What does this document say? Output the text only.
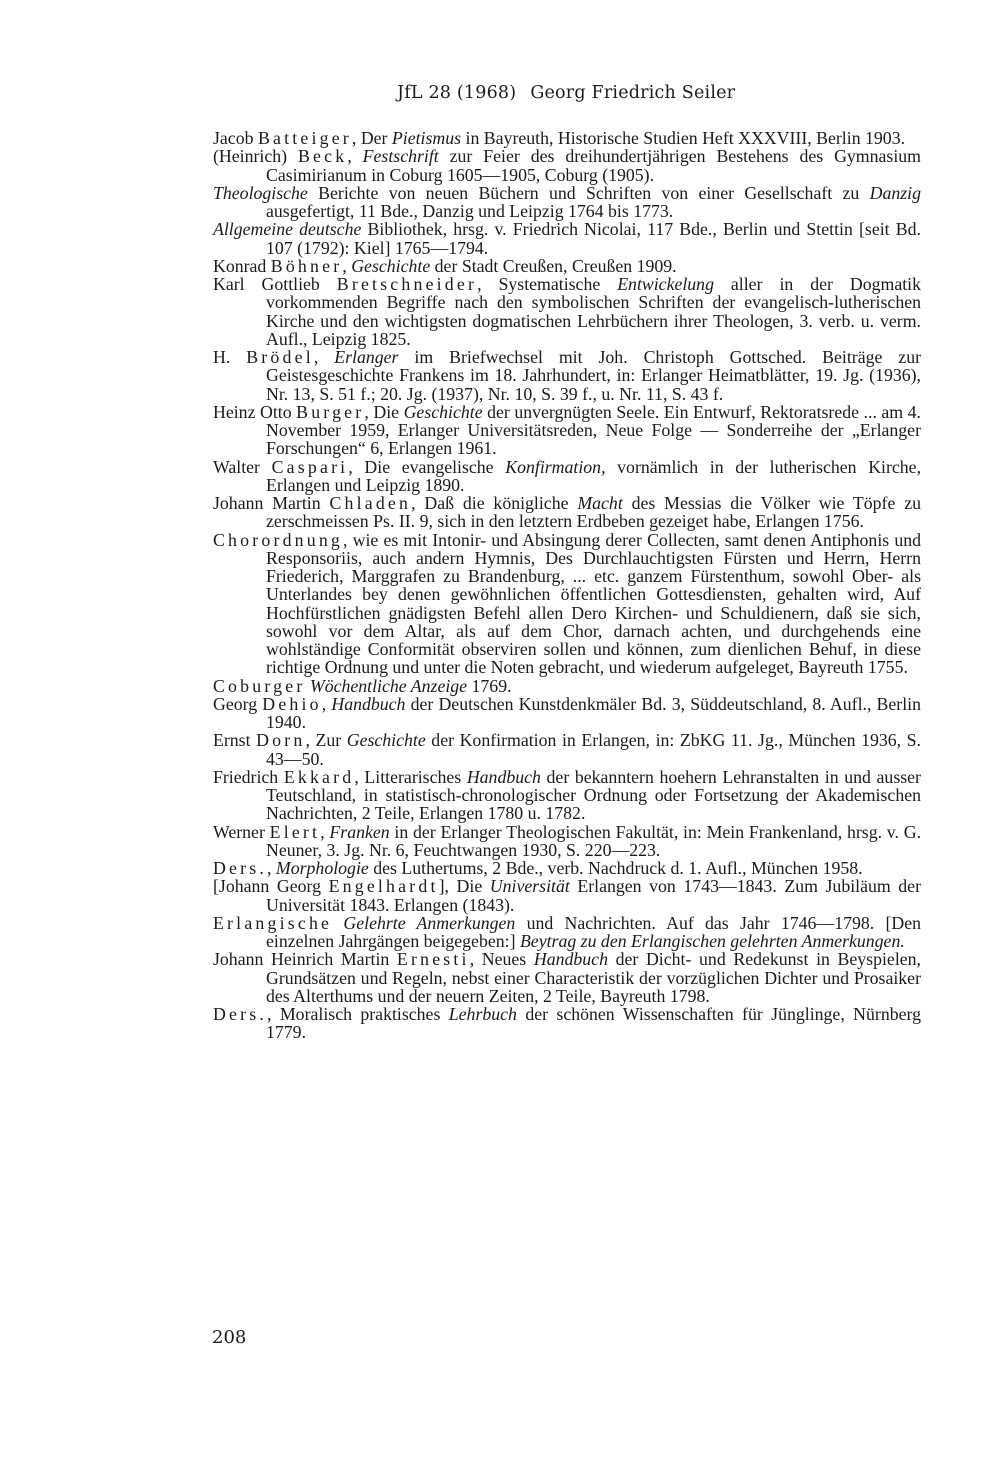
JfL 28 (1968) Georg Friedrich Seiler
Jacob Batteiger, Der Pietismus in Bayreuth, Historische Studien Heft XXXVIII, Berlin 1903.
(Heinrich) Beck, Festschrift zur Feier des dreihundertjährigen Bestehens des Gymnasium Casimirianum in Coburg 1605—1905, Coburg (1905).
Theologische Berichte von neuen Büchern und Schriften von einer Gesellschaft zu Danzig ausgefertigt, 11 Bde., Danzig und Leipzig 1764 bis 1773.
Allgemeine deutsche Bibliothek, hrsg. v. Friedrich Nicolai, 117 Bde., Berlin und Stettin [seit Bd. 107 (1792): Kiel] 1765—1794.
Konrad Böhner, Geschichte der Stadt Creußen, Creußen 1909.
Karl Gottlieb Bretschneider, Systematische Entwickelung aller in der Dogmatik vorkommenden Begriffe nach den symbolischen Schriften der evangelisch-lutherischen Kirche und den wichtigsten dogmatischen Lehrbüchern ihrer Theologen, 3. verb. u. verm. Aufl., Leipzig 1825.
H. Brödel, Erlanger im Briefwechsel mit Joh. Christoph Gottsched. Beiträge zur Geistesgeschichte Frankens im 18. Jahrhundert, in: Erlanger Heimatblätter, 19. Jg. (1936), Nr. 13, S. 51 f.; 20. Jg. (1937), Nr. 10, S. 39 f., u. Nr. 11, S. 43 f.
Heinz Otto Burger, Die Geschichte der unvergnügten Seele. Ein Entwurf, Rektoratsrede ... am 4. November 1959, Erlanger Universitätsreden, Neue Folge — Sonderreihe der „Erlanger Forschungen“ 6, Erlangen 1961.
Walter Caspari, Die evangelische Konfirmation, vornämlich in der lutherischen Kirche, Erlangen und Leipzig 1890.
Johann Martin Chladen, Daß die königliche Macht des Messias die Völker wie Töpfe zu zerschmeissen Ps. II. 9, sich in den letztern Erdbeben gezeiget habe, Erlangen 1756.
Chorordnung, wie es mit Intonir- und Absingung derer Collecten, samt denen Antiphonis und Responsoriis, auch andern Hymnis, Des Durchlauchtigsten Fürsten und Herrn, Herrn Friederich, Marggrafen zu Brandenburg, ... etc. ganzem Fürstenthum, sowohl Ober- als Unterlandes bey denen gewöhnlichen öffentlichen Gottesdiensten, gehalten wird, Auf Hochfürstlichen gnädigsten Befehl allen Dero Kirchen- und Schuldienern, daß sie sich, sowohl vor dem Altar, als auf dem Chor, darnach achten, und durchgehends eine wohlständige Conformität observiren sollen und können, zum dienlichen Behuf, in diese richtige Ordnung und unter die Noten gebracht, und wiederum aufgeleget, Bayreuth 1755.
Coburger Wöchentliche Anzeige 1769.
Georg Dehio, Handbuch der Deutschen Kunstdenkmäler Bd. 3, Süddeutschland, 8. Aufl., Berlin 1940.
Ernst Dorn, Zur Geschichte der Konfirmation in Erlangen, in: ZbKG 11. Jg., München 1936, S. 43—50.
Friedrich Ekkard, Litterarisches Handbuch der bekanntern hoehern Lehranstalten in und ausser Teutschland, in statistisch-chronologischer Ordnung oder Fortsetzung der Akademischen Nachrichten, 2 Teile, Erlangen 1780 u. 1782.
Werner Elert, Franken in der Erlanger Theologischen Fakultät, in: Mein Frankenland, hrsg. v. G. Neuner, 3. Jg. Nr. 6, Feuchtwangen 1930, S. 220—223.
Ders., Morphologie des Luthertums, 2 Bde., verb. Nachdruck d. 1. Aufl., München 1958.
[Johann Georg Engelhardt], Die Universität Erlangen von 1743—1843. Zum Jubiläum der Universität 1843. Erlangen (1843).
Erlangische Gelehrte Anmerkungen und Nachrichten. Auf das Jahr 1746—1798. [Den einzelnen Jahrgängen beigegeben:] Beytrag zu den Erlangischen gelehrten Anmerkungen.
Johann Heinrich Martin Ernesti, Neues Handbuch der Dicht- und Redekunst in Beyspielen, Grundsätzen und Regeln, nebst einer Characteristik der vorzüglichen Dichter und Prosaiker des Alterthums und der neuern Zeiten, 2 Teile, Bayreuth 1798.
Ders., Moralisch praktisches Lehrbuch der schönen Wissenschaften für Jünglinge, Nürnberg 1779.
208
